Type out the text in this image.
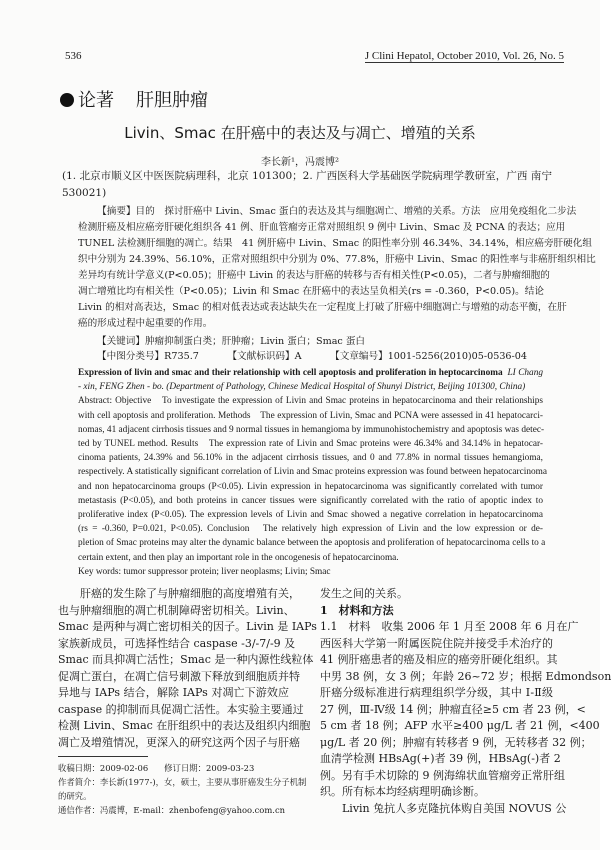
536	J Clini Hepatol, October 2010, Vol. 26, No. 5
论著 肝胆肿瘤
Livin、Smac 在肝癌中的表达及与凋亡、增殖的关系
李长新¹，冯震博²
(1. 北京市顺义区中医医院病理科，北京 101300；2. 广西医科大学基础医学院病理学教研室，广西 南宁
530021)
【摘要】目的　探讨肝癌中 Livin、Smac 蛋白的表达及其与细胞凋亡、增殖的关系。方法　应用免疫组化二步法
检测肝癌及相应癌旁肝硬化组织各 41 例、肝血管瘤旁正常对照组织 9 例中 Livin、Smac 及 PCNA 的表达；应用
TUNEL 法检测肝细胞的凋亡。结果　41 例肝癌中 Livin、Smac 的阳性率分别 46.34%、34.14%，相应癌旁肝硬化组
织中分别为 24.39%、56.10%，正常对照组织中分别为 0%、77.8%，肝癌中 Livin、Smac 的阳性率与非癌肝组织相比
差异均有统计学意义(P<0.05)；肝癌中 Livin 的表达与肝癌的转移与否有相关性(P<0.05)，二者与肿瘤细胞的
凋亡增殖比均有相关性（P<0.05)；Livin 和 Smac 在肝癌中的表达呈负相关(rs = -0.360，P<0.05)。结论
Livin 的相对高表达，Smac 的相对低表达或表达缺失在一定程度上打破了肝癌中细胞凋亡与增殖的动态平衡，在肝
癌的形成过程中起重要的作用。
【关键词】肿瘤抑制蛋白类；肝肿瘤；Livin 蛋白；Smac 蛋白
【中图分类号】R735.7	【文献标识码】A	【文章编号】1001-5256(2010)05-0536-04
Expression of livin and smac and their relationship with cell apoptosis and proliferation in heptocarcinoma LI Chang
- xin, FENG Zhen - bo. (Department of Pathology, Chinese Medical Hospital of Shunyi District, Beijing 101300, China)
Abstract: Objective　To investigate the expression of Livin and Smac proteins in hepatocarcinoma and their relationships
with cell apoptosis and proliferation. Methods　The expression of Livin, Smac and PCNA were assessed in 41 hepatocarci-
nomas, 41 adjacent cirrhosis tissues and 9 normal tissues in hemangioma by immunohistochemistry and apoptosis was detec-
ted by TUNEL method. Results　The expression rate of Livin and Smac proteins were 46.34% and 34.14% in hepatocar-
cinoma patients, 24.39% and 56.10% in the adjacent cirrhosis tissues, and 0 and 77.8% in normal tissues hemangioma,
respectively. A statistically significant correlation of Livin and Smac proteins expression was found between hepatocarcinoma
and non hepatocarcinoma groups (P<0.05). Livin expression in hepatocarcinoma was significantly correlated with tumor
metastasis (P<0.05), and both proteins in cancer tissues were significantly correlated with the ratio of apoptic index to
proliferative index (P<0.05). The expression levels of Livin and Smac showed a negative correlation in hepatocarcinoma
(rs = -0.360, P=0.021, P<0.05). Conclusion　The relatively high expression of Livin and the low expression or de-
pletion of Smac proteins may alter the dynamic balance between the apoptosis and proliferation of hepatocarcinoma cells to a
certain extent, and then play an important role in the oncogenesis of hepatocarcinoma.
Key words: tumor suppressor protein; liver neoplasms; Livin; Smac
肝癌的发生除了与肿瘤细胞的高度增殖有关，
也与肿瘤细胞的凋亡机制障碍密切相关。Livin、
Smac 是两种与凋亡密切相关的因子。Livin 是 IAPs
家族新成员，可选择性结合 caspase -3/-7/-9 及
Smac 而具抑凋亡活性；Smac 是一种内源性线粒体
促凋亡蛋白，在凋亡信号刺激下释放到细胞质并特
异地与 IAPs 结合，解除 IAPs 对凋亡下游效应
caspase 的抑制而具促凋亡活性。本实验主要通过
检测 Livin、Smac 在肝组织中的表达及组织内细胞
凋亡及增殖情况，更深入的研究这两个因子与肝癌
发生之间的关系。
1　材料和方法
1.1　材料　收集 2006 年 1 月至 2008 年 6 月在广
西医科大学第一附属医院住院并接受手术治疗的
41 例肝癌患者的癌及相应的癌旁肝硬化组织。其
中男 38 例，女 3 例；年龄 26~72 岁；根据 Edmondson
肝癌分级标准进行病理组织学分级，其中 Ⅰ-Ⅱ级
27 例，Ⅲ-Ⅳ级 14 例；肿瘤直径≥5 cm 者 23 例，<
5 cm 者 18 例；AFP 水平≥400 μg/L 者 21 例，<400
μg/L 者 20 例；肿瘤有转移者 9 例，无转移者 32 例；
血清学检测 HBsAg(+)者 39 例，HBsAg(-)者 2
例。另有手术切除的 9 例海绵状血管瘤旁正常肝组
织。所有标本均经病理明确诊断。
Livin 兔抗人多克隆抗体购自美国 NOVUS 公
收稿日期：2009-02-06 修订日期：2009-03-23
作者简介：李长新(1977-)，女，硕士，主要从事肝癌发生分子机制
的研究。
通信作者：冯震博，E-mail：zhenbofeng@yahoo.com.cn
